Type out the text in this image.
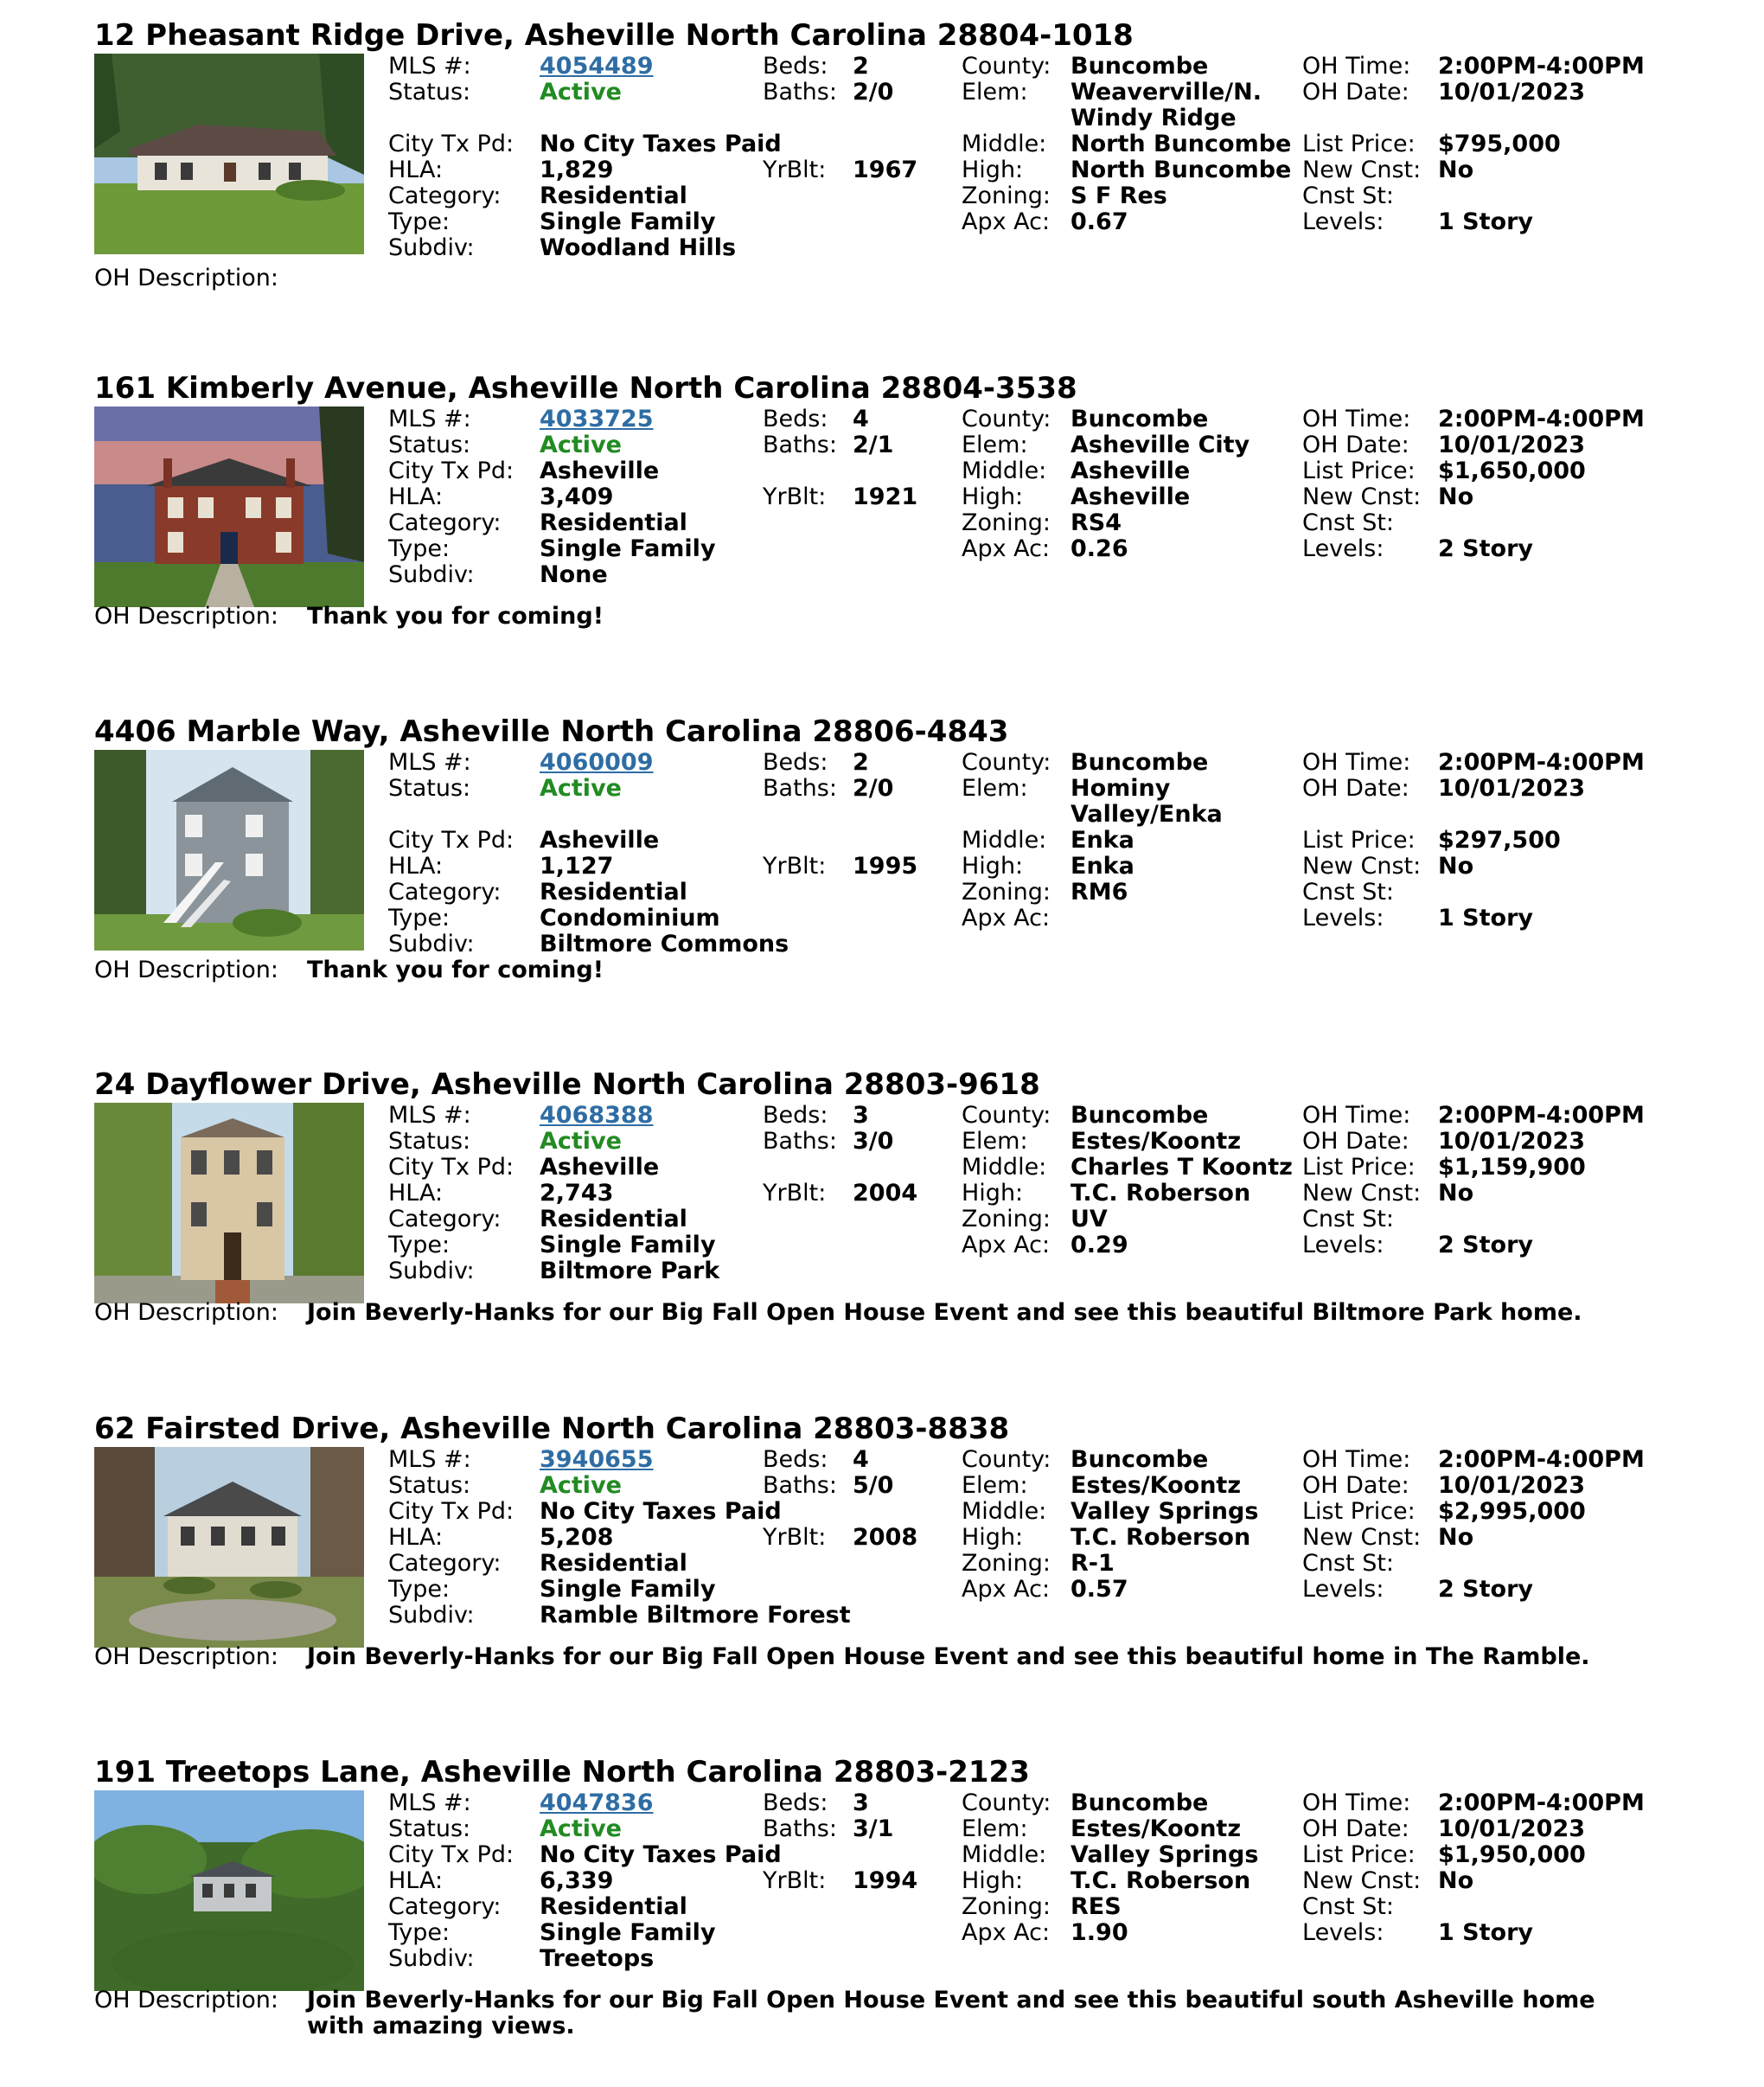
12 Pheasant Ridge Drive, Asheville North Carolina 28804-1018
MLS #:	4054489
Status:	Active
City Tx Pd: No City Taxes Paid
HLA:	1,829
Category: Residential
Type:	Single Family
Subdiv:	Woodland Hills
Beds: 2
Baths: 2/0
YrBlt: 1967
County: Buncombe
Elem: Weaverville/N. Windy Ridge
Middle: North Buncombe
High: North Buncombe
Zoning: S F Res
Apx Ac: 0.67
OH Time: 2:00PM-4:00PM
OH Date: 10/01/2023
List Price: $795,000
New Cnst: No
Cnst St:
Levels: 1 Story
OH Description:
161 Kimberly Avenue, Asheville North Carolina 28804-3538
MLS #:	4033725
Status:	Active
City Tx Pd: Asheville
HLA:	3,409
Category: Residential
Type:	Single Family
Subdiv:	None
Beds: 4
Baths: 2/1
YrBlt: 1921
County: Buncombe
Elem: Asheville City
Middle: Asheville
High: Asheville
Zoning: RS4
Apx Ac: 0.26
OH Time: 2:00PM-4:00PM
OH Date: 10/01/2023
List Price: $1,650,000
New Cnst: No
Cnst St:
Levels: 2 Story
OH Description: Thank you for coming!
4406 Marble Way, Asheville North Carolina 28806-4843
MLS #:	4060009
Status:	Active
City Tx Pd: Asheville
HLA:	1,127
Category: Residential
Type:	Condominium
Subdiv:	Biltmore Commons
Beds: 2
Baths: 2/0
YrBlt: 1995
County: Buncombe
Elem: Hominy Valley/Enka
Middle: Enka
High: Enka
Zoning: RM6
Apx Ac:
OH Time: 2:00PM-4:00PM
OH Date: 10/01/2023
List Price: $297,500
New Cnst: No
Cnst St:
Levels: 1 Story
OH Description: Thank you for coming!
24 Dayflower Drive, Asheville North Carolina 28803-9618
MLS #:	4068388
Status:	Active
City Tx Pd: Asheville
HLA:	2,743
Category: Residential
Type:	Single Family
Subdiv:	Biltmore Park
Beds: 3
Baths: 3/0
YrBlt: 2004
County: Buncombe
Elem: Estes/Koontz
Middle: Charles T Koontz
High: T.C. Roberson
Zoning: UV
Apx Ac: 0.29
OH Time: 2:00PM-4:00PM
OH Date: 10/01/2023
List Price: $1,159,900
New Cnst: No
Cnst St:
Levels: 2 Story
OH Description: Join Beverly-Hanks for our Big Fall Open House Event and see this beautiful Biltmore Park home.
62 Fairsted Drive, Asheville North Carolina 28803-8838
MLS #:	3940655
Status:	Active
City Tx Pd: No City Taxes Paid
HLA:	5,208
Category: Residential
Type:	Single Family
Subdiv:	Ramble Biltmore Forest
Beds: 4
Baths: 5/0
YrBlt: 2008
County: Buncombe
Elem: Estes/Koontz
Middle: Valley Springs
High: T.C. Roberson
Zoning: R-1
Apx Ac: 0.57
OH Time: 2:00PM-4:00PM
OH Date: 10/01/2023
List Price: $2,995,000
New Cnst: No
Cnst St:
Levels: 2 Story
OH Description: Join Beverly-Hanks for our Big Fall Open House Event and see this beautiful home in The Ramble.
191 Treetops Lane, Asheville North Carolina 28803-2123
MLS #:	4047836
Status:	Active
City Tx Pd: No City Taxes Paid
HLA:	6,339
Category: Residential
Type:	Single Family
Subdiv:	Treetops
Beds: 3
Baths: 3/1
YrBlt: 1994
County: Buncombe
Elem: Estes/Koontz
Middle: Valley Springs
High: T.C. Roberson
Zoning: RES
Apx Ac: 1.90
OH Time: 2:00PM-4:00PM
OH Date: 10/01/2023
List Price: $1,950,000
New Cnst: No
Cnst St:
Levels: 1 Story
OH Description: Join Beverly-Hanks for our Big Fall Open House Event and see this beautiful south Asheville home with amazing views.
